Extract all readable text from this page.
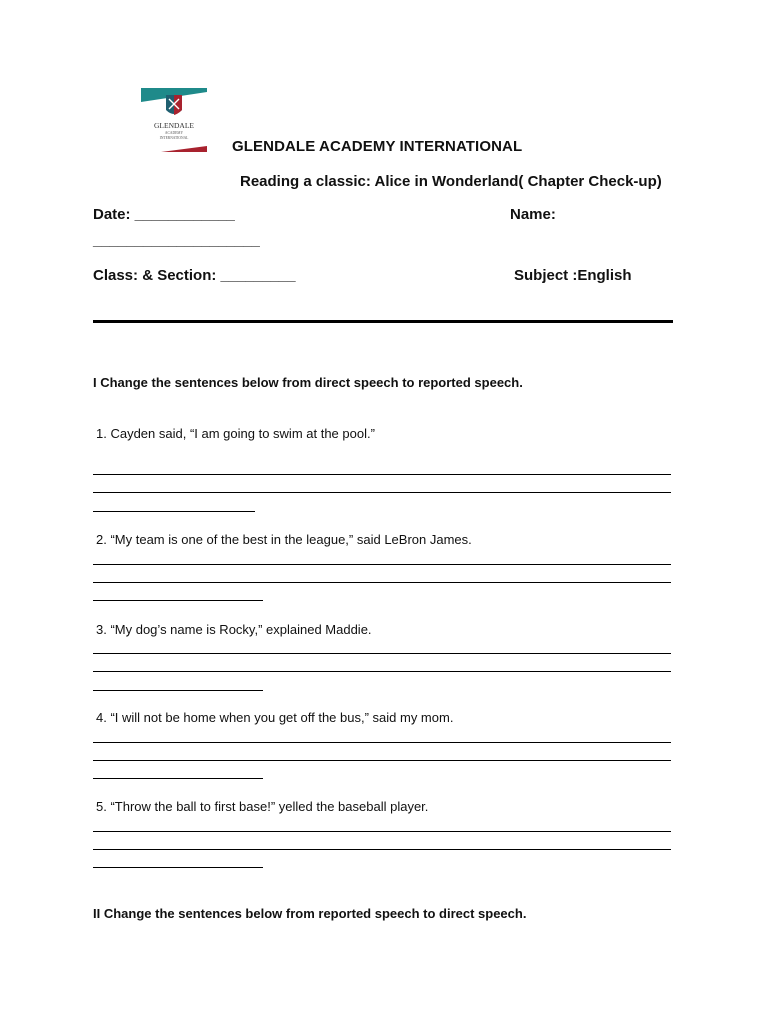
GLENDALE
ACADEMY
INTERNATIONAL	GLENDALE ACADEMY INTERNATIONAL
Reading a classic: Alice in Wonderland( Chapter Check-up)
Date: ____________	Name:
____________________
Class: & Section: _________	Subject :English
I Change the sentences below from direct speech to reported speech.
1. Cayden said, “I am going to swim at the pool.”
2. “My team is one of the best in the league,” said LeBron James.
3. “My dog’s name is Rocky,” explained Maddie.
4. “I will not be home when you get off the bus,” said my mom.
5. “Throw the ball to first base!” yelled the baseball player.
II Change the sentences below from reported speech to direct speech.
